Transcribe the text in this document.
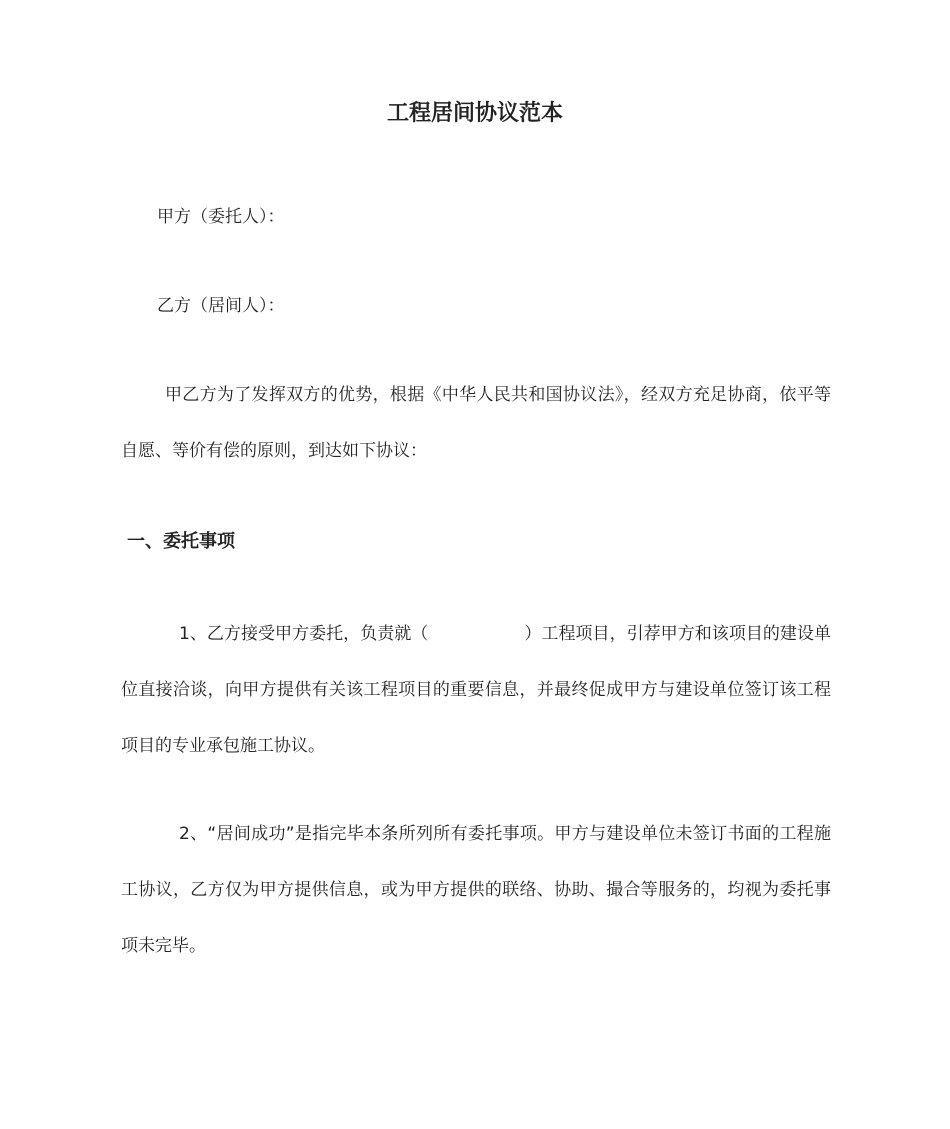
工程居间协议范本

甲方（委托人）：

乙方（居间人）：

甲乙方为了发挥双方的优势，根据《中华人民共和国协议法》，经双方充足协商，依平等自愿、等价有偿的原则，到达如下协议：

一、委托事项

1、乙方接受甲方委托，负责就（	）工程项目，引荐甲方和该项目的建设单位直接洽谈，向甲方提供有关该工程项目的重要信息，并最终促成甲方与建设单位签订该工程项目的专业承包施工协议。

2、“居间成功”是指完毕本条所列所有委托事项。甲方与建设单位未签订书面的工程施工协议，乙方仅为甲方提供信息，或为甲方提供的联络、协助、撮合等服务的，均视为委托事项未完毕。
